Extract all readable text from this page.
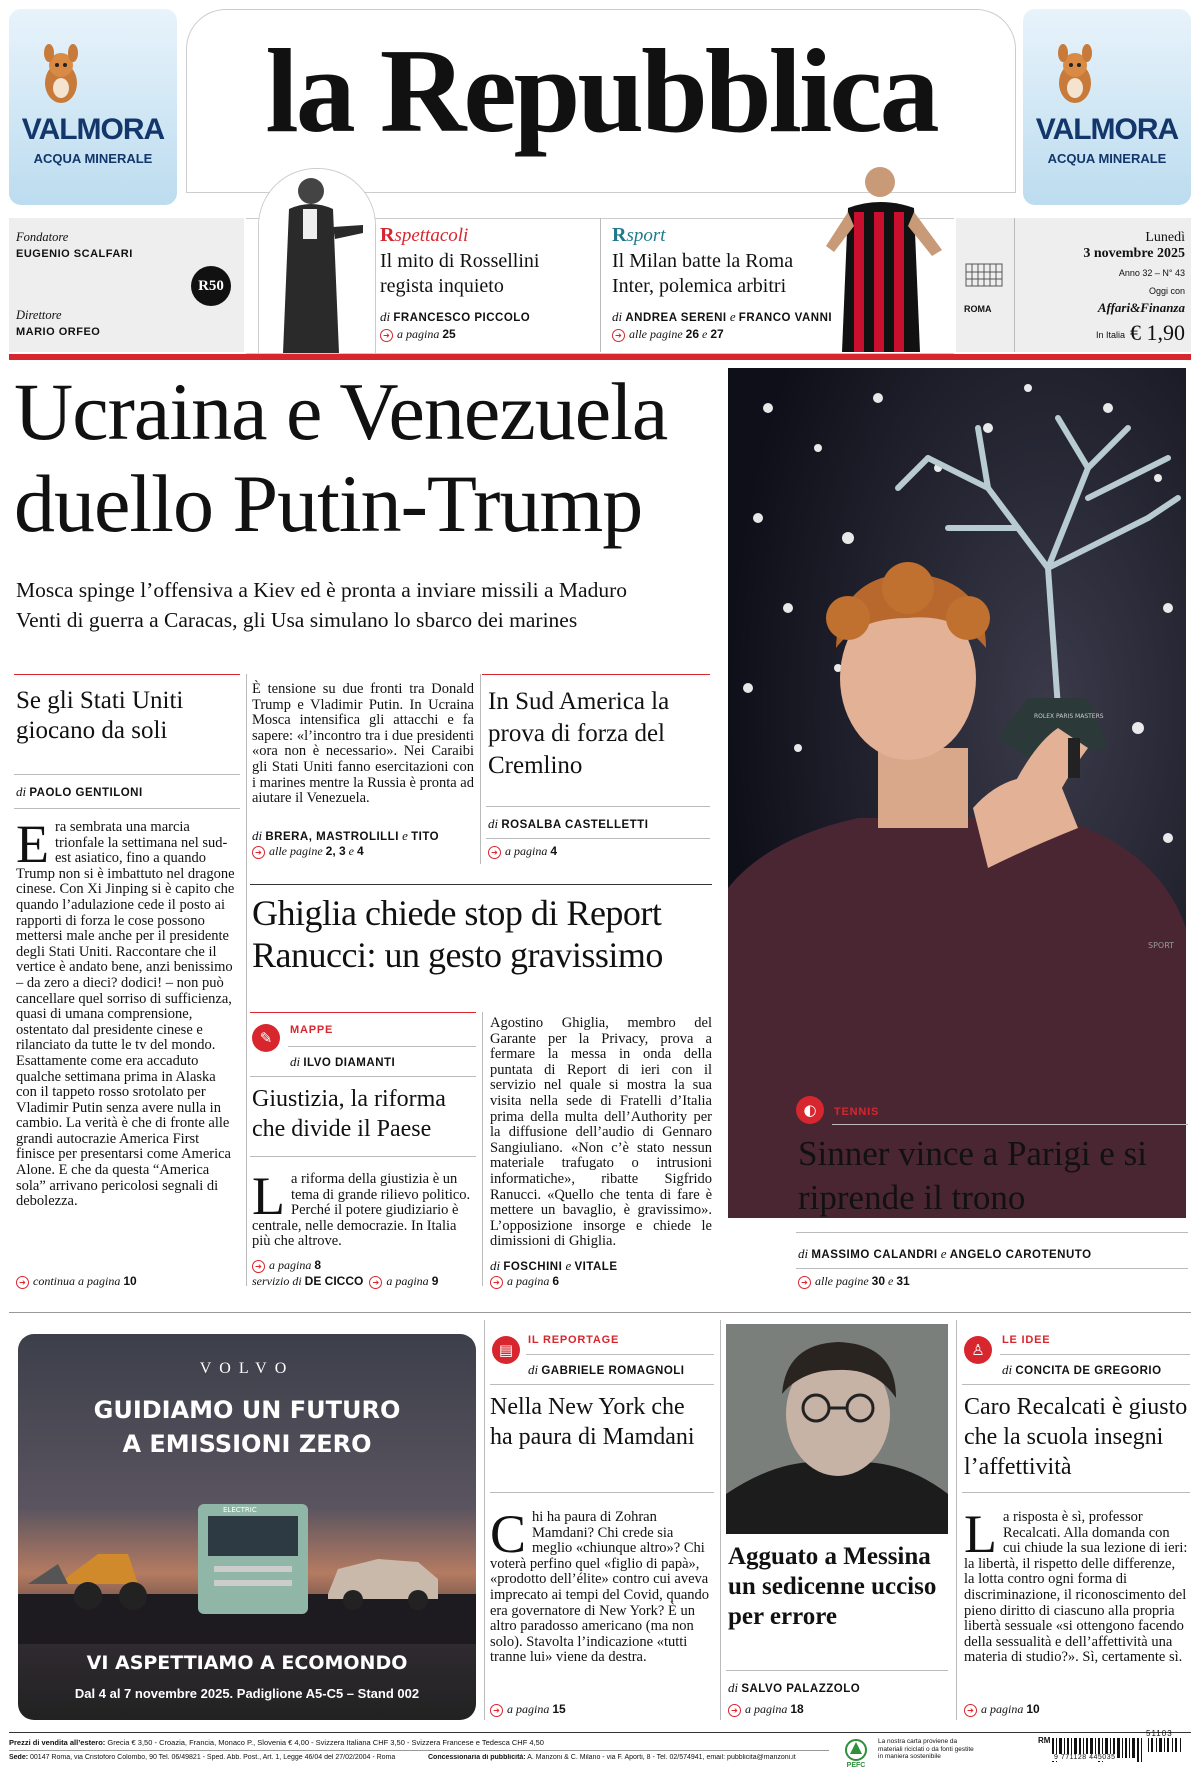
VALMORA
ACQUA MINERALE
la Repubblica	VALMORA
ACQUA MINERALE
Fondatore
EUGENIO SCALFARI
Direttore
MARIO ORFEO
R50
Rspettacoli
Il mito di Rossellini regista inquieto
di FRANCESCO PICCOLO
➔ a pagina 25
Rsport
Il Milan batte la Roma Inter, polemica arbitri
di ANDREA SERENI e FRANCO VANNI
➔ alle pagine 26 e 27
ROMA
Lunedì
3 novembre 2025
Anno 32 – N° 43
Oggi con
Affari&Finanza
In Italia € 1,90
Ucraina e Venezuela duello Putin-Trump
Mosca spinge l’offensiva a Kiev ed è pronta a inviare missili a Maduro
Venti di guerra a Caracas, gli Usa simulano lo sbarco dei marines
Se gli Stati Uniti giocano da soli
di PAOLO GENTILONI
Era sembrata una marcia trionfale la settimana nel sud-est asiatico, fino a quando Trump non si è imbattuto nel dragone cinese. Con Xi Jinping si è capito che quando l’adulazione cede il posto ai rapporti di forza le cose possono mettersi male anche per il presidente degli Stati Uniti. Raccontare che il vertice è andato bene, anzi benissimo – da zero a dieci? dodici! – non può cancellare quel sorriso di sufficienza, quasi di umana comprensione, ostentato dal presidente cinese e rilanciato da tutte le tv del mondo. Esattamente come era accaduto qualche settimana prima in Alaska con il tappeto rosso srotolato per Vladimir Putin senza avere nulla in cambio. La verità è che di fronte alle grandi autocrazie America First finisce per presentarsi come America Alone. E che da questa “America sola” arrivano pericolosi segnali di debolezza.
➔ continua a pagina 10
È tensione su due fronti tra Donald Trump e Vladimir Putin. In Ucraina Mosca intensifica gli attacchi e fa sapere: «l’incontro tra i due presidenti «ora non è necessario». Nei Caraibi gli Stati Uniti fanno esercitazioni con i marines mentre la Russia è pronta ad aiutare il Venezuela.
di BRERA, MASTROLILLI e TITO
➔ alle pagine 2, 3 e 4
In Sud America la prova di forza del Cremlino
di ROSALBA CASTELLETTI
➔ a pagina 4
Ghiglia chiede stop di Report Ranucci: un gesto gravissimo
✎	MAPPE
di ILVO DIAMANTI
Giustizia, la riforma che divide il Paese
La riforma della giustizia è un tema di grande rilievo politico. Perché il potere giudiziario è centrale, nelle democrazie. In Italia più che altrove.
➔ a pagina 8
servizio di DE CICCO ➔ a pagina 9
Agostino Ghiglia, membro del Garante per la Privacy, prova a fermare la messa in onda della puntata di Report di ieri con il servizio nel quale si mostra la sua visita nella sede di Fratelli d’Italia prima della multa dell’Authority per la diffusione dell’audio di Gennaro Sangiuliano. «Non c’è stato nessun materiale trafugato o intrusioni informatiche», ribatte Sigfrido Ranucci. «Quello che tenta di fare è mettere un bavaglio, è gravissimo». L’opposizione insorge e chiede le dimissioni di Ghiglia.
di FOSCHINI e VITALE
➔ a pagina 6
SPORT
ROLEX PARIS MASTERS
◐	TENNIS
Sinner vince a Parigi e si riprende il trono
di MASSIMO CALANDRI e ANGELO CAROTENUTO
➔ alle pagine 30 e 31
VOLVO
GUIDIAMO UN FUTURO
A EMISSIONI ZERO
ELECTRIC
VI ASPETTIAMO A ECOMONDO
Dal 4 al 7 novembre 2025. Padiglione A5-C5 – Stand 002
▤
IL REPORTAGE
di GABRIELE ROMAGNOLI
Nella New York che ha paura di Mamdani
Chi ha paura di Zohran Mamdani? Chi crede sia meglio «chiunque altro»? Chi voterà perfino quel «figlio di papà», «prodotto dell’élite» contro cui aveva imprecato ai tempi del Covid, quando era governatore di New York? È un altro paradosso americano (ma non solo). Stavolta l’indicazione «tutti tranne lui» viene da destra.
➔ a pagina 15
Agguato a Messina un sedicenne ucciso per errore
di SALVO PALAZZOLO
➔ a pagina 18
♙
LE IDEE
di CONCITA DE GREGORIO
Caro Recalcati è giusto che la scuola insegni l’affettività
La risposta è sì, professor Recalcati. Alla domanda con cui chiude la sua lezione di ieri: la libertà, il rispetto delle differenze, la lotta contro ogni forma di discriminazione, il riconoscimento del pieno diritto di ciascuno alla propria libertà sessuale «si ottengono facendo della sessualità e dell’affettività una materia di studio?». Sì, certamente sì.
➔ a pagina 10
Prezzi di vendita all’estero: Grecia € 3,50 - Croazia, Francia, Monaco P., Slovenia € 4,00 - Svizzera Italiana CHF 3,50 - Svizzera Francese e Tedesca CHF 4,50
Sede: 00147 Roma, via Cristoforo Colombo, 90 Tel. 06/49821 - Sped. Abb. Post., Art. 1, Legge 46/04 del 27/02/2004 - Roma	Concessionaria di pubblicità: A. Manzoni & C. Milano - via F. Aporti, 8 - Tel. 02/574941, email: pubblicita@manzoni.it
PEFC
La nostra carta proviene da materiali riciclati o da fonti gestite in maniera sostenibile
RM
51103
9 771128 445035
